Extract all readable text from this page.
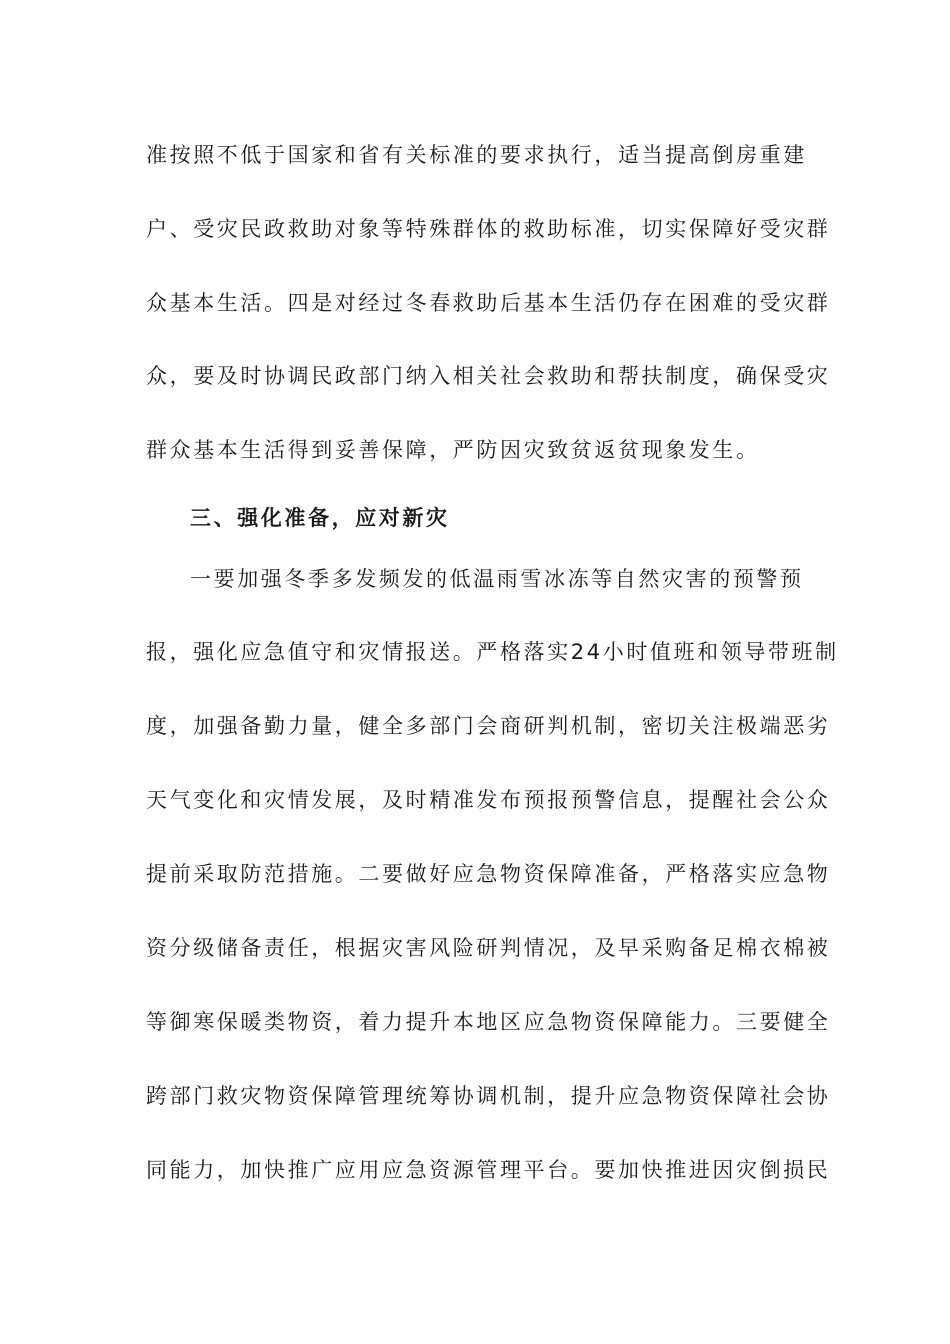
准按照不低于国家和省有关标准的要求执行，适当提高倒房重建
户、受灾民政救助对象等特殊群体的救助标准，切实保障好受灾群
众基本生活。四是对经过冬春救助后基本生活仍存在困难的受灾群
众，要及时协调民政部门纳入相关社会救助和帮扶制度，确保受灾
群众基本生活得到妥善保障，严防因灾致贫返贫现象发生。
三、强化准备，应对新灾
一要加强冬季多发频发的低温雨雪冰冻等自然灾害的预警预
报，强化应急值守和灾情报送。严格落实24小时值班和领导带班制
度，加强备勤力量，健全多部门会商研判机制，密切关注极端恶劣
天气变化和灾情发展，及时精准发布预报预警信息，提醒社会公众
提前采取防范措施。二要做好应急物资保障准备，严格落实应急物
资分级储备责任，根据灾害风险研判情况，及早采购备足棉衣棉被
等御寒保暖类物资，着力提升本地区应急物资保障能力。三要健全
跨部门救灾物资保障管理统筹协调机制，提升应急物资保障社会协
同能力，加快推广应用应急资源管理平台。要加快推进因灾倒损民
